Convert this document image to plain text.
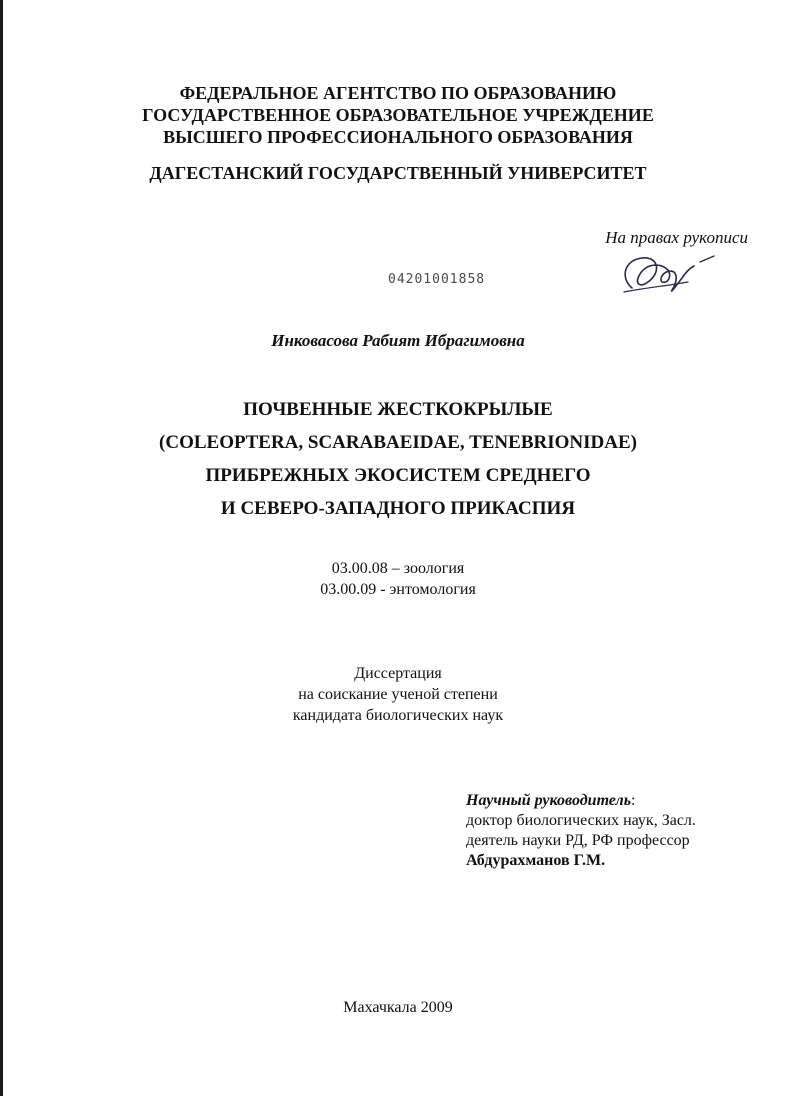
ФЕДЕРАЛЬНОЕ АГЕНТСТВО ПО ОБРАЗОВАНИЮ
ГОСУДАРСТВЕННОЕ ОБРАЗОВАТЕЛЬНОЕ УЧРЕЖДЕНИЕ
ВЫСШЕГО ПРОФЕССИОНАЛЬНОГО ОБРАЗОВАНИЯ
ДАГЕСТАНСКИЙ ГОСУДАРСТВЕННЫЙ УНИВЕРСИТЕТ
На правах рукописи
04201001858
Инковасова Рабият Ибрагимовна
ПОЧВЕННЫЕ ЖЕСТКОКРЫЛЫЕ
(COLEOPTERA, SCARABAEIDAE, TENEBRIONIDAE)
ПРИБРЕЖНЫХ ЭКОСИСТЕМ СРЕДНЕГО
И СЕВЕРО-ЗАПАДНОГО ПРИКАСПИЯ
03.00.08 – зоология
03.00.09 - энтомология
Диссертация
на соискание ученой степени
кандидата биологических наук
Научный руководитель:
доктор биологических наук, Засл.
деятель науки РД, РФ профессор
Абдурахманов Г.М.
Махачкала 2009
